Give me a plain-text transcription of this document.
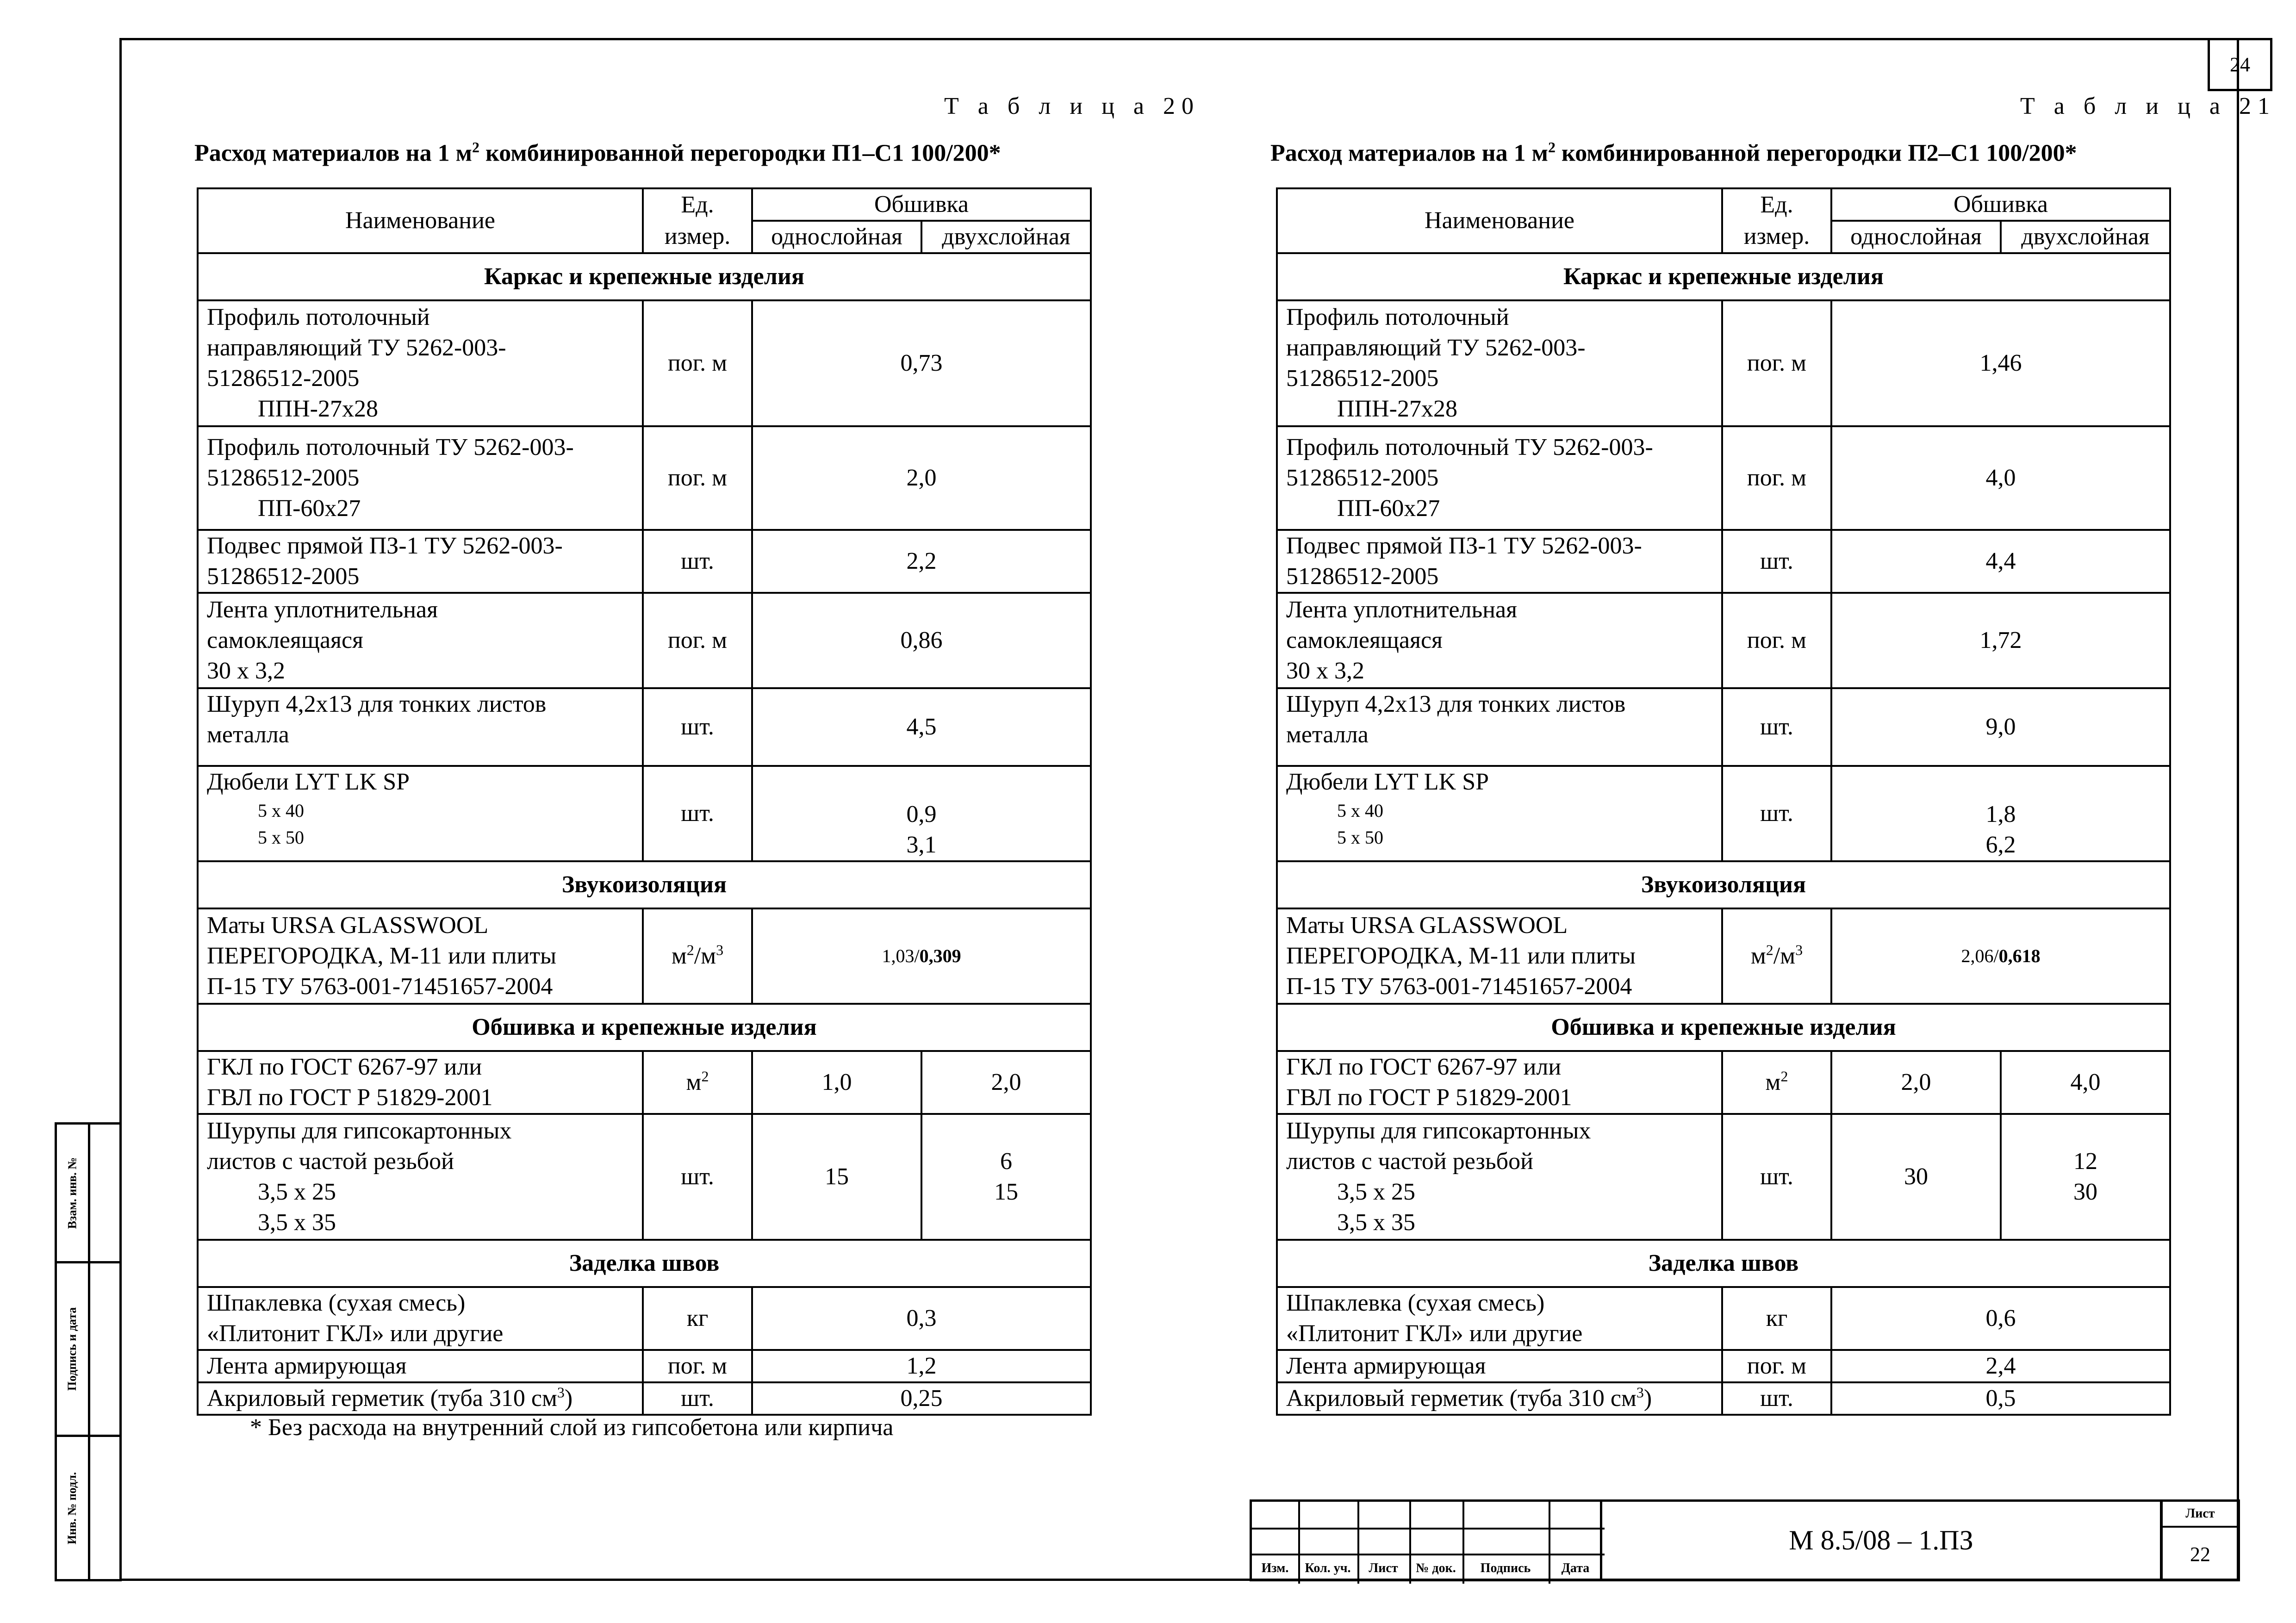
24
Взам. инв. №
Подпись и дата
Инв. № подл.
Т а б л и ц а 20
Расход материалов на 1 $м^2$ комбинированной перегородки П1–С1 100/200*
Наименование	Ед.	Обшивка	
	измер.	однослойная	двухслойная
Каркас и крепежные изделия			

Профиль потолочный
направляющий ТУ 5262-003-
51286512-2005
ППН-27х28	пог. м	0,73	

Профиль потолочный ТУ 5262-003-
51286512-2005
ПП-60х27	пог. м	2,0	

Подвес прямой ПЗ-1 ТУ 5262-003-
51286512-2005	шт.	2,2	

Лента уплотнительная
самоклеящаяся
30 х 3,2	пог. м	0,86	

Шуруп 4,2х13 для тонких листов
металла	шт.	4,5	

Дюбели LYT LK SP
5 х 40
5 х 50	шт.	0,9
3,1	

Звукоизоляция			

Маты URSA GLASSWOOL
ПЕРЕГОРОДКА, М-11 или плиты
П-15 ТУ 5763-001-71451657-2004	$м^2/м^3$	1,03/0,309	
Обшивка и крепежные изделия			

ГКЛ по ГОСТ 6267-97 или
ГВЛ по ГОСТ Р 51829-2001	$м^2$	1,0	2,0

Шурупы для гипсокартонных
листов с частой резьбой
3,5 х 25
3,5 х 35	шт.	15	6
15

Заделка швов			

Шпаклевка (сухая смесь)
«Плитонит ГКЛ» или другие	кг	0,3	
Лента армирующая	пог. м	1,2	
Акриловый герметик (туба 310 $см^3$)	шт.	0,25	
* Без расхода на внутренний слой из гипсобетона или кирпича
Т а б л и ц а 21
Расход материалов на 1 $м^2$ комбинированной перегородки П2–С1 100/200*
Наименование	Ед.	Обшивка	
	измер.	однослойная	двухслойная
Каркас и крепежные изделия			

Профиль потолочный
направляющий ТУ 5262-003-
51286512-2005
ППН-27х28	пог. м	1,46	

Профиль потолочный ТУ 5262-003-
51286512-2005
ПП-60х27	пог. м	4,0	

Подвес прямой ПЗ-1 ТУ 5262-003-
51286512-2005	шт.	4,4	

Лента уплотнительная
самоклеящаяся
30 х 3,2	пог. м	1,72	

Шуруп 4,2х13 для тонких листов
металла	шт.	9,0	

Дюбели LYT LK SP
5 х 40
5 х 50	шт.	1,8
6,2	

Звукоизоляция			

Маты URSA GLASSWOOL
ПЕРЕГОРОДКА, М-11 или плиты
П-15 ТУ 5763-001-71451657-2004	$м^2/м^3$	2,06/0,618	
Обшивка и крепежные изделия			

ГКЛ по ГОСТ 6267-97 или
ГВЛ по ГОСТ Р 51829-2001	$м^2$	2,0	4,0

Шурупы для гипсокартонных
листов с частой резьбой
3,5 х 25
3,5 х 35	шт.	30	12
30

Заделка швов			

Шпаклевка (сухая смесь)
«Плитонит ГКЛ» или другие	кг	0,6	
Лента армирующая	пог. м	2,4	
Акриловый герметик (туба 310 $см^3$)	шт.	0,5	
Изм.	Кол. уч.	Лист	№ док.	Подпись	Дата
М 8.5/08 – 1.ПЗ
Лист
22
